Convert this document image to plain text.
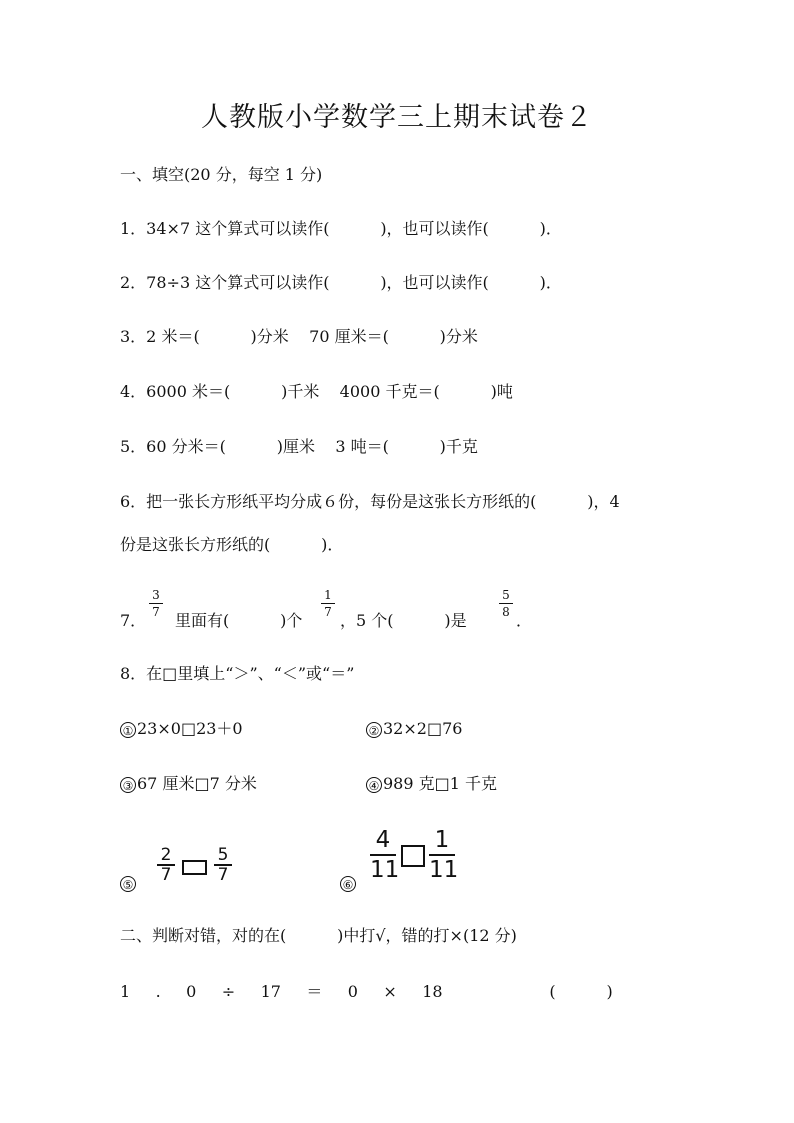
人教版小学数学三上期末试卷２
一、填空(20 分，每空 1 分)
1．34×7 这个算式可以读作(          )，也可以读作(          )．
2．78÷3 这个算式可以读作(          )，也可以读作(          )．
3．2 米＝(          )分米    70 厘米＝(          )分米
4．6000 米＝(          )千米    4000 千克＝(          )吨
5．60 分米＝(          )厘米    3 吨＝(          )千克
6．把一张长方形纸平均分成６份，每份是这张长方形纸的(          )，4
份是这张长方形纸的(          )．
7．
3
7 里面有(          )个
1
7 ，5 个(          )是
5
8 ．
8．在□里填上“＞”、“＜”或“＝”
① 23×0□23＋0	② 32×2□76
③ 67 厘米□7 分米	④ 989 克□1 千克
⑤
2
7
5
7	⑥
4
11
1
11
二、判断对错，对的在(          )中打√，错的打×(12 分)
1     .     0     ÷     17     ＝     0     ×     18                     (          )
